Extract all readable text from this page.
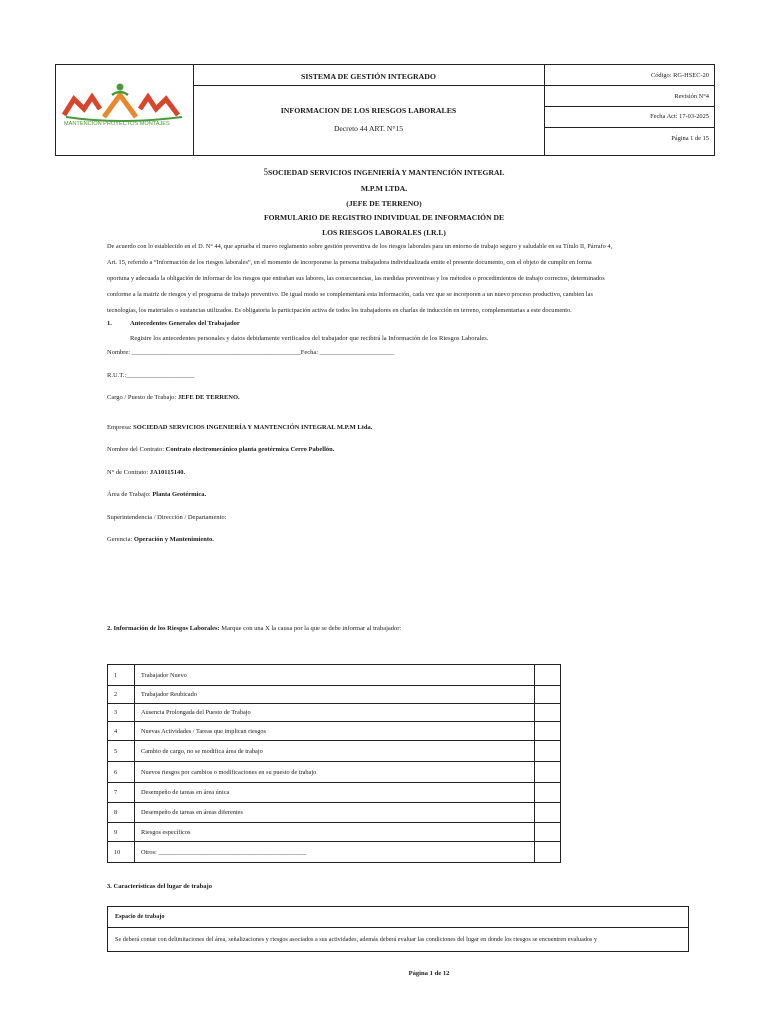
MANTENCION PROYECTOS MONTAJES
SISTEMA DE GESTIÓN INTEGRADO
INFORMACION DE LOS RIESGOS LABORALES
Decreto 44 ART. N°15
Código: RG-HSEC-20
Revisión N°4
Fecha Act: 17-03-2025
Página 1 de 15
5SOCIEDAD SERVICIOS INGENIERÍA Y MANTENCIÓN INTEGRAL
M.P.M LTDA.
(JEFE DE TERRENO)
FORMULARIO DE REGISTRO INDIVIDUAL DE INFORMACIÓN DE
LOS RIESGOS LABORALES (I.R.L)
De acuerdo con lo establecido en el D. N° 44, que aprueba el nuevo reglamento sobre gestión preventiva de los riesgos laborales para un entorno de trabajo seguro y saludable en su Título II, Párrafo 4,
Art. 15, referido a “Información de los riesgos laborales”, en el momento de incorporarse la persona trabajadora individualizada emite el presente documento, con el objeto de cumplir en forma
oportuna y adecuada la obligación de informar de los riesgos que entrañan sus labores, las consecuencias, las medidas preventivas y los métodos o procedimientos de trabajo correctos, determinados
conforme a la matriz de riesgos y el programa de trabajo preventivo. De igual modo se complementará esta información, cada vez que se incorporen a un nuevo proceso productivo, cambien las
tecnologías, los materiales o sustancias utilizados. Es obligatoria la participación activa de todos los trabajadores en charlas de inducción en terreno, complementarias a este documento.
1.	Antecedentes Generales del Trabajador
Registre los antecedentes personales y datos debidamente verificados del trabajador que recibirá la Información de los Riesgos Laborales.
Nombre: ____________________________________________________Fecha: _______________________
R.U.T.:_____________________
Cargo / Puesto de Trabajo: JEFE DE TERRENO.
Empresa: SOCIEDAD SERVICIOS INGENIERÍA Y MANTENCIÓN INTEGRAL M.P.M Ltda.
Nombre del Contrato: Contrato electromecánico planta geotérmica Cerro Pabellón.
N° de Contrato: JA10115140.
Área de Trabajo: Planta Geotérmica.
Superintendencia / Dirección / Departamento:
Gerencia: Operación y Mantenimiento.
2. Información de los Riesgos Laborales: Marque con una X la causa por la que se debe informar al trabajador:
1	Trabajador Nuevo	
2	Trabajador Reubicado	
3	Ausencia Prolongada del Puesto de Trabajo	
4	Nuevas Actividades / Tareas que implican riesgos	
5	Cambio de cargo, no se modifica área de trabajo	
6	Nuevos riesgos por cambios o modificaciones en su puesto de trabajo	
7	Desempeño de tareas en área única	
8	Desempeño de tareas en áreas diferentes	
9	Riesgos específicos	
10	Otros: _______________________________________________	
3. Características del lugar de trabajo
Espacio de trabajo
Se deberá contar con delimitaciones del área, señalizaciones y riesgos asociados a sus actividades, además deberá evaluar las condiciones del lugar en donde los riesgos se encuentren evaluados y
Página 1 de 12
